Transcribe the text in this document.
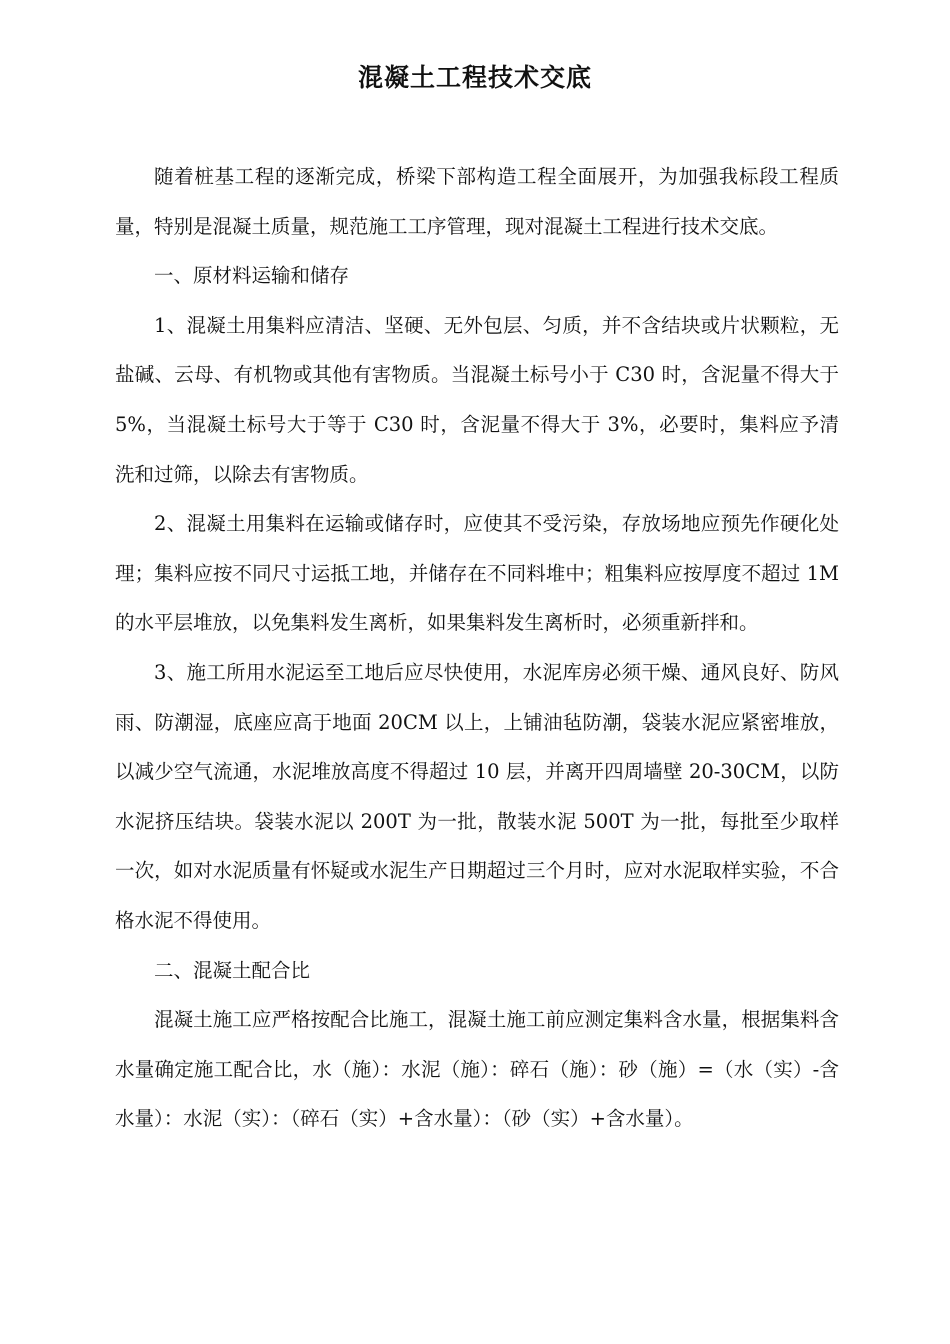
混凝土工程技术交底

随着桩基工程的逐渐完成，桥梁下部构造工程全面展开，为加强我标段工程质量，特别是混凝土质量，规范施工工序管理，现对混凝土工程进行技术交底。

一、原材料运输和储存

1、混凝土用集料应清洁、坚硬、无外包层、匀质，并不含结块或片状颗粒，无盐碱、云母、有机物或其他有害物质。当混凝土标号小于 C30 时，含泥量不得大于 5%，当混凝土标号大于等于 C30 时，含泥量不得大于 3%，必要时，集料应予清洗和过筛，以除去有害物质。

2、混凝土用集料在运输或储存时，应使其不受污染，存放场地应预先作硬化处理；集料应按不同尺寸运抵工地，并储存在不同料堆中；粗集料应按厚度不超过 1M 的水平层堆放，以免集料发生离析，如果集料发生离析时，必须重新拌和。

3、施工所用水泥运至工地后应尽快使用，水泥库房必须干燥、通风良好、防风雨、防潮湿，底座应高于地面 20CM 以上，上铺油毡防潮，袋装水泥应紧密堆放，以减少空气流通，水泥堆放高度不得超过 10 层，并离开四周墙壁 20-30CM，以防水泥挤压结块。袋装水泥以 200T 为一批，散装水泥 500T 为一批，每批至少取样一次，如对水泥质量有怀疑或水泥生产日期超过三个月时，应对水泥取样实验，不合格水泥不得使用。

二、混凝土配合比

混凝土施工应严格按配合比施工，混凝土施工前应测定集料含水量，根据集料含水量确定施工配合比，水（施）：水泥（施）：碎石（施）：砂（施）=（水（实）-含水量）：水泥（实）：（碎石（实）+含水量）：（砂（实）+含水量）。
